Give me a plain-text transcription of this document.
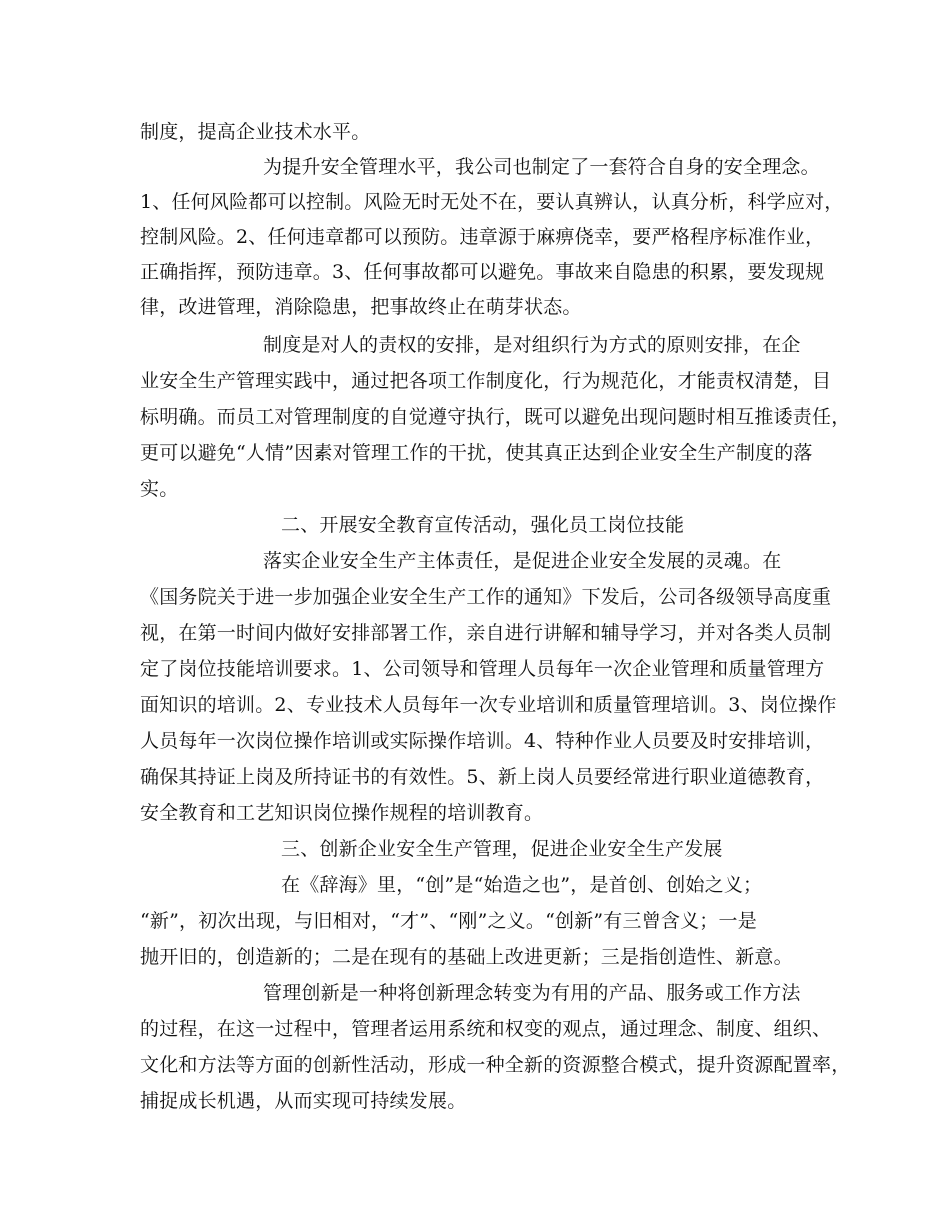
制度，提高企业技术水平。
为提升安全管理水平，我公司也制定了一套符合自身的安全理念。
1、任何风险都可以控制。风险无时无处不在，要认真辨认，认真分析，科学应对，
控制风险。2、任何违章都可以预防。违章源于麻痹侥幸，要严格程序标准作业，
正确指挥，预防违章。3、任何事故都可以避免。事故来自隐患的积累，要发现规
律，改进管理，消除隐患，把事故终止在萌芽状态。
制度是对人的责权的安排，是对组织行为方式的原则安排，在企
业安全生产管理实践中，通过把各项工作制度化，行为规范化，才能责权清楚，目
标明确。而员工对管理制度的自觉遵守执行，既可以避免出现问题时相互推诿责任，
更可以避免“人情”因素对管理工作的干扰，使其真正达到企业安全生产制度的落
实。
二、开展安全教育宣传活动，强化员工岗位技能
落实企业安全生产主体责任，是促进企业安全发展的灵魂。在
《国务院关于进一步加强企业安全生产工作的通知》下发后，公司各级领导高度重
视，在第一时间内做好安排部署工作，亲自进行讲解和辅导学习，并对各类人员制
定了岗位技能培训要求。1、公司领导和管理人员每年一次企业管理和质量管理方
面知识的培训。2、专业技术人员每年一次专业培训和质量管理培训。3、岗位操作
人员每年一次岗位操作培训或实际操作培训。4、特种作业人员要及时安排培训，
确保其持证上岗及所持证书的有效性。5、新上岗人员要经常进行职业道德教育，
安全教育和工艺知识岗位操作规程的培训教育。
三、创新企业安全生产管理，促进企业安全生产发展
在《辞海》里，“创”是“始造之也”，是首创、创始之义；
“新”，初次出现，与旧相对，“才”、“刚”之义。“创新”有三曾含义；一是
抛开旧的，创造新的；二是在现有的基础上改进更新；三是指创造性、新意。
管理创新是一种将创新理念转变为有用的产品、服务或工作方法
的过程，在这一过程中，管理者运用系统和权变的观点，通过理念、制度、组织、
文化和方法等方面的创新性活动，形成一种全新的资源整合模式，提升资源配置率，
捕捉成长机遇，从而实现可持续发展。
